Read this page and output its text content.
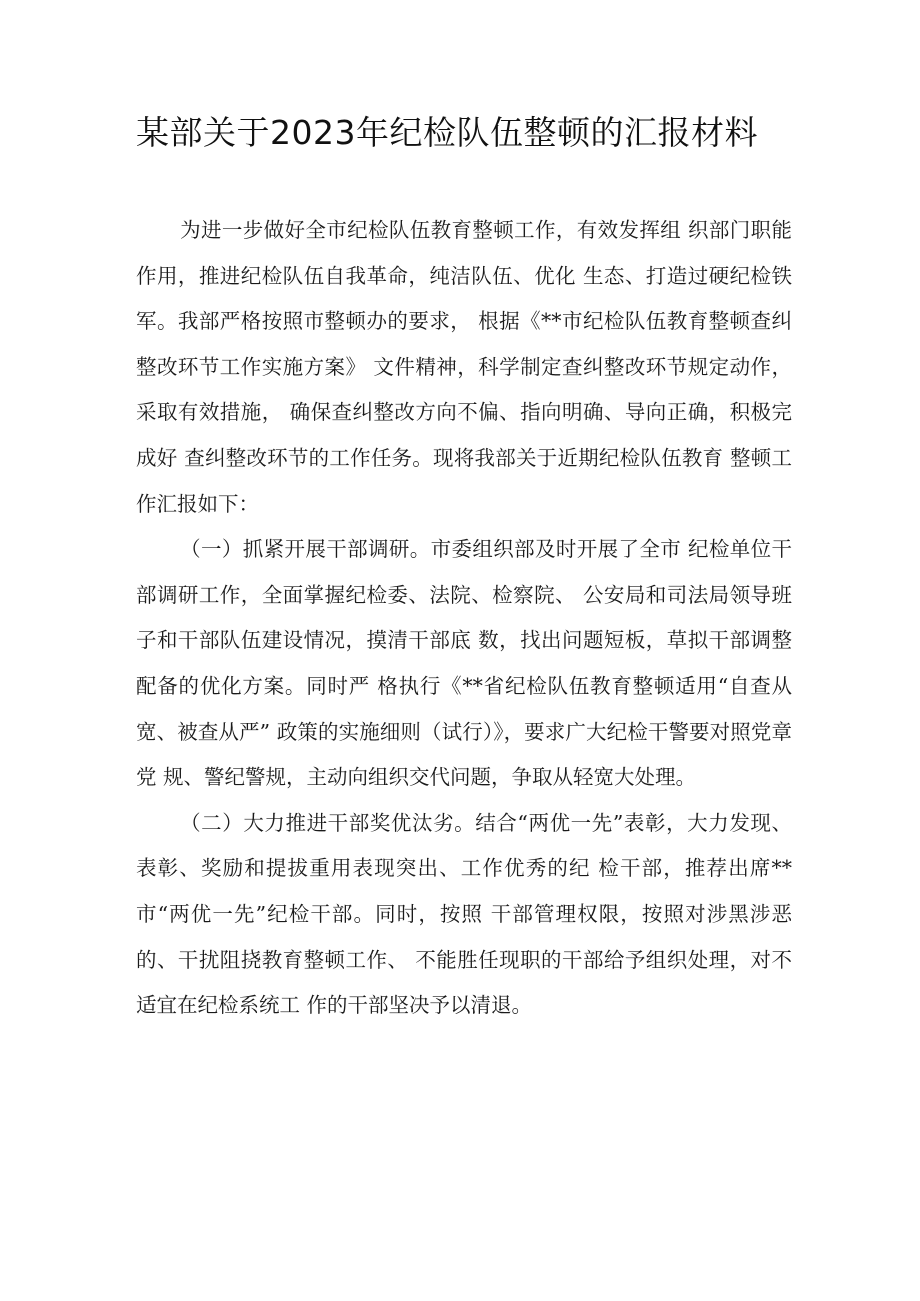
某部关于2023年纪检队伍整顿的汇报材料

为进一步做好全市纪检队伍教育整顿工作，有效发挥组 织部门职能作用，推进纪检队伍自我革命，纯洁队伍、优化 生态、打造过硬纪检铁军。我部严格按照市整顿办的要求， 根据《**市纪检队伍教育整顿查纠整改环节工作实施方案》 文件精神，科学制定查纠整改环节规定动作，采取有效措施， 确保查纠整改方向不偏、指向明确、导向正确，积极完成好 查纠整改环节的工作任务。现将我部关于近期纪检队伍教育 整顿工作汇报如下：

（一）抓紧开展干部调研。市委组织部及时开展了全市 纪检单位干部调研工作，全面掌握纪检委、法院、检察院、 公安局和司法局领导班子和干部队伍建设情况，摸清干部底 数，找出问题短板，草拟干部调整配备的优化方案。同时严 格执行《**省纪检队伍教育整顿适用“自查从宽、被查从严” 政策的实施细则（试行）》，要求广大纪检干警要对照党章党 规、警纪警规，主动向组织交代问题，争取从轻宽大处理。

（二）大力推进干部奖优汰劣。结合“两优一先”表彰，大力发现、表彰、奖励和提拔重用表现突出、工作优秀的纪 检干部，推荐出席**市“两优一先”纪检干部。同时，按照 干部管理权限，按照对涉黑涉恶的、干扰阻挠教育整顿工作、 不能胜任现职的干部给予组织处理，对不适宜在纪检系统工 作的干部坚决予以清退。
